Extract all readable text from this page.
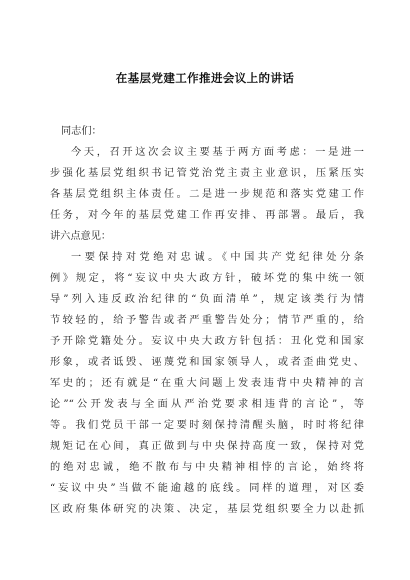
在基层党建工作推进会议上的讲话
同志们：
今天，召开这次会议主要基于两方面考虑：一是进一
步强化基层党组织书记管党治党主责主业意识，压紧压实
各基层党组织主体责任。二是进一步规范和落实党建工作
任务，对今年的基层党建工作再安排、再部署。最后，我
讲六点意见：
一要保持对党绝对忠诚。《中国共产党纪律处分条
例》规定，将“妄议中央大政方针，破坏党的集中统一领
导”列入违反政治纪律的“负面清单”，规定该类行为情
节较轻的，给予警告或者严重警告处分；情节严重的，给
予开除党籍处分。妄议中央大政方针包括：丑化党和国家
形象，或者诋毁、诬蔑党和国家领导人，或者歪曲党史、
军史的；还有就是“在重大问题上发表违背中央精神的言
论”“公开发表与全面从严治党要求相违背的言论”，等
等。我们党员干部一定要时刻保持清醒头脑，时时将纪律
规矩记在心间，真正做到与中央保持高度一致，保持对党
的绝对忠诚，绝不散布与中央精神相悖的言论，始终将
“妄议中央”当做不能逾越的底线。同样的道理，对区委
区政府集体研究的决策、决定，基层党组织要全力以赴抓
